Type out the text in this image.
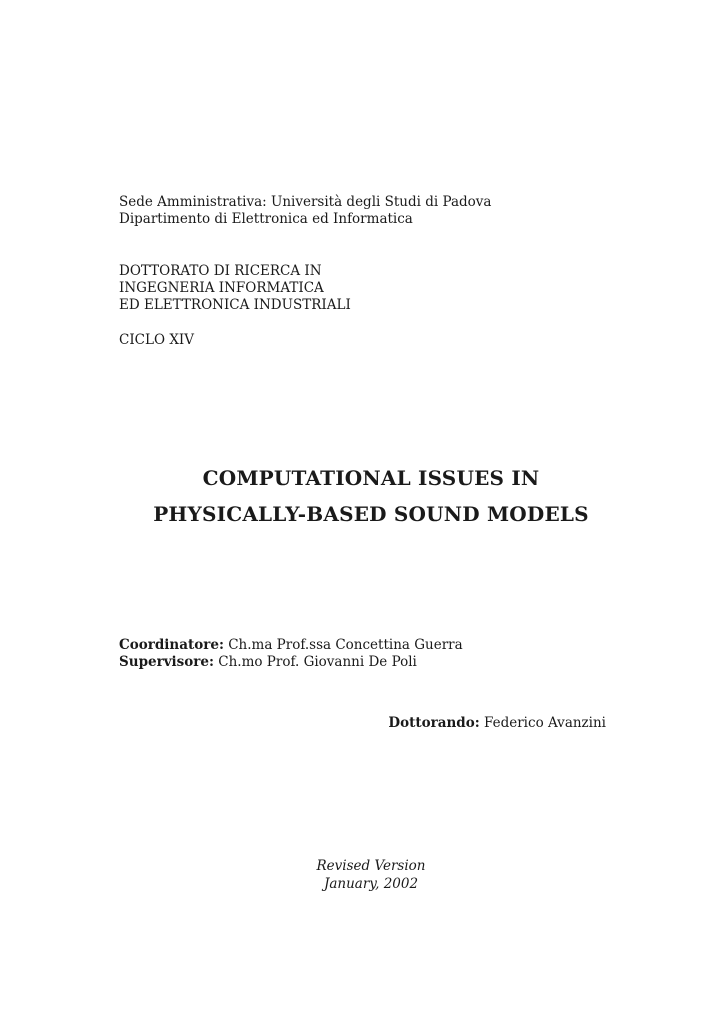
Sede Amministrativa: Università degli Studi di Padova
Dipartimento di Elettronica ed Informatica
DOTTORATO DI RICERCA IN
INGEGNERIA INFORMATICA
ED ELETTRONICA INDUSTRIALI
CICLO XIV
COMPUTATIONAL ISSUES IN
PHYSICALLY-BASED SOUND MODELS
Coordinatore: Ch.ma Prof.ssa Concettina Guerra
Supervisore: Ch.mo Prof. Giovanni De Poli
Dottorando: Federico Avanzini
Revised Version
January, 2002
